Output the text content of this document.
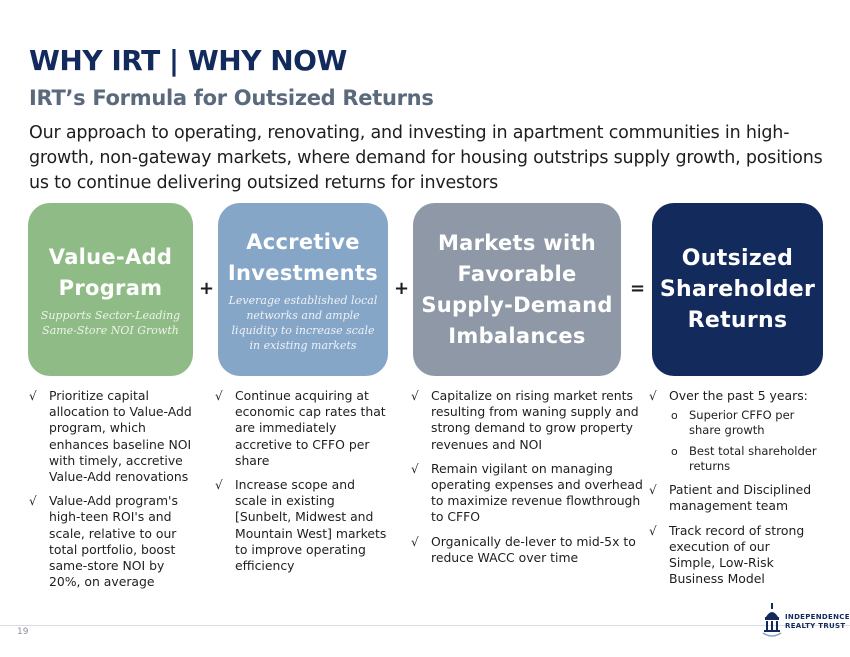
WHY IRT | WHY NOW
IRT’s Formula for Outsized Returns
Our approach to operating, renovating, and investing in apartment communities in high-growth, non-gateway markets, where demand for housing outstrips supply growth, positions us to continue delivering outsized returns for investors
Value-Add Program
Supports Sector-Leading Same-Store NOI Growth
+
Accretive Investments
Leverage established local networks and ample liquidity to increase scale in existing markets
+
Markets with Favorable Supply-Demand Imbalances
=
Outsized Shareholder Returns
√ Prioritize capital allocation to Value-Add program, which enhances baseline NOI with timely, accretive Value-Add renovations
√ Value-Add program's high-teen ROI's and scale, relative to our total portfolio, boost same-store NOI by 20%, on average
√ Continue acquiring at economic cap rates that are immediately accretive to CFFO per share
√ Increase scope and scale in existing [Sunbelt, Midwest and Mountain West] markets to improve operating efficiency
√ Capitalize on rising market rents resulting from waning supply and strong demand to grow property revenues and NOI
√ Remain vigilant on managing operating expenses and overhead to maximize revenue flowthrough to CFFO
√ Organically de-lever to mid-5x to reduce WACC over time
√ Over the past 5 years:
o Superior CFFO per share growth
o Best total shareholder returns
√ Patient and Disciplined management team
√ Track record of strong execution of our Simple, Low-Risk Business Model
19
INDEPENDENCE
REALTY TRUST
